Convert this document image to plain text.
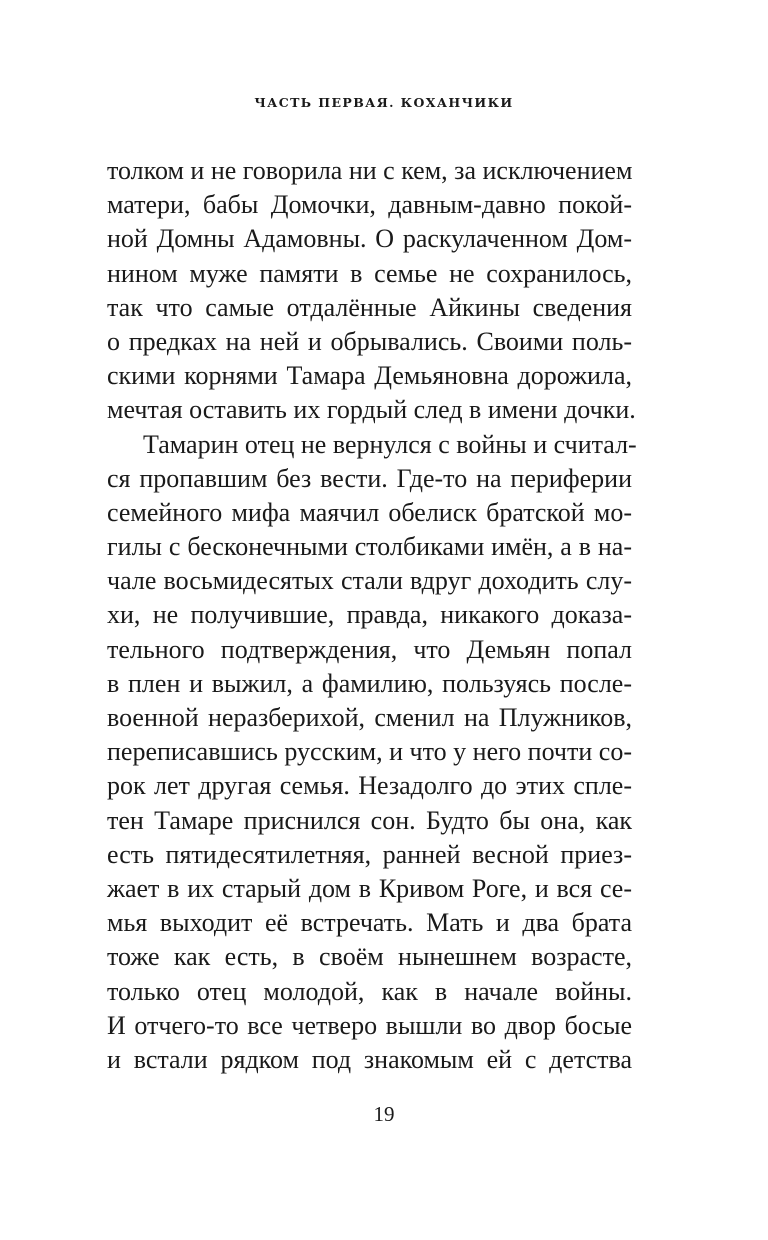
ЧАСТЬ ПЕРВАЯ. КОХАНЧИКИ
толком и не говорила ни с кем, за исключением
матери, бабы Домочки, давным-давно покой-
ной Домны Адамовны. О раскулаченном Дом-
нином муже памяти в семье не сохранилось,
так что самые отдалённые Айкины сведения
о предках на ней и обрывались. Своими поль-
скими корнями Тамара Демьяновна дорожила,
мечтая оставить их гордый след в имени дочки.
Тамарин отец не вернулся с войны и считал-
ся пропавшим без вести. Где-то на периферии
семейного мифа маячил обелиск братской мо-
гилы с бесконечными столбиками имён, а в на-
чале восьмидесятых стали вдруг доходить слу-
хи, не получившие, правда, никакого доказа-
тельного подтверждения, что Демьян попал
в плен и выжил, а фамилию, пользуясь после-
военной неразберихой, сменил на Плужников,
переписавшись русским, и что у него почти со-
рок лет другая семья. Незадолго до этих спле-
тен Тамаре приснился сон. Будто бы она, как
есть пятидесятилетняя, ранней весной приез-
жает в их старый дом в Кривом Роге, и вся се-
мья выходит её встречать. Мать и два брата
тоже как есть, в своём нынешнем возрасте,
только отец молодой, как в начале войны.
И отчего-то все четверо вышли во двор босые
и встали рядком под знакомым ей с детства
19
